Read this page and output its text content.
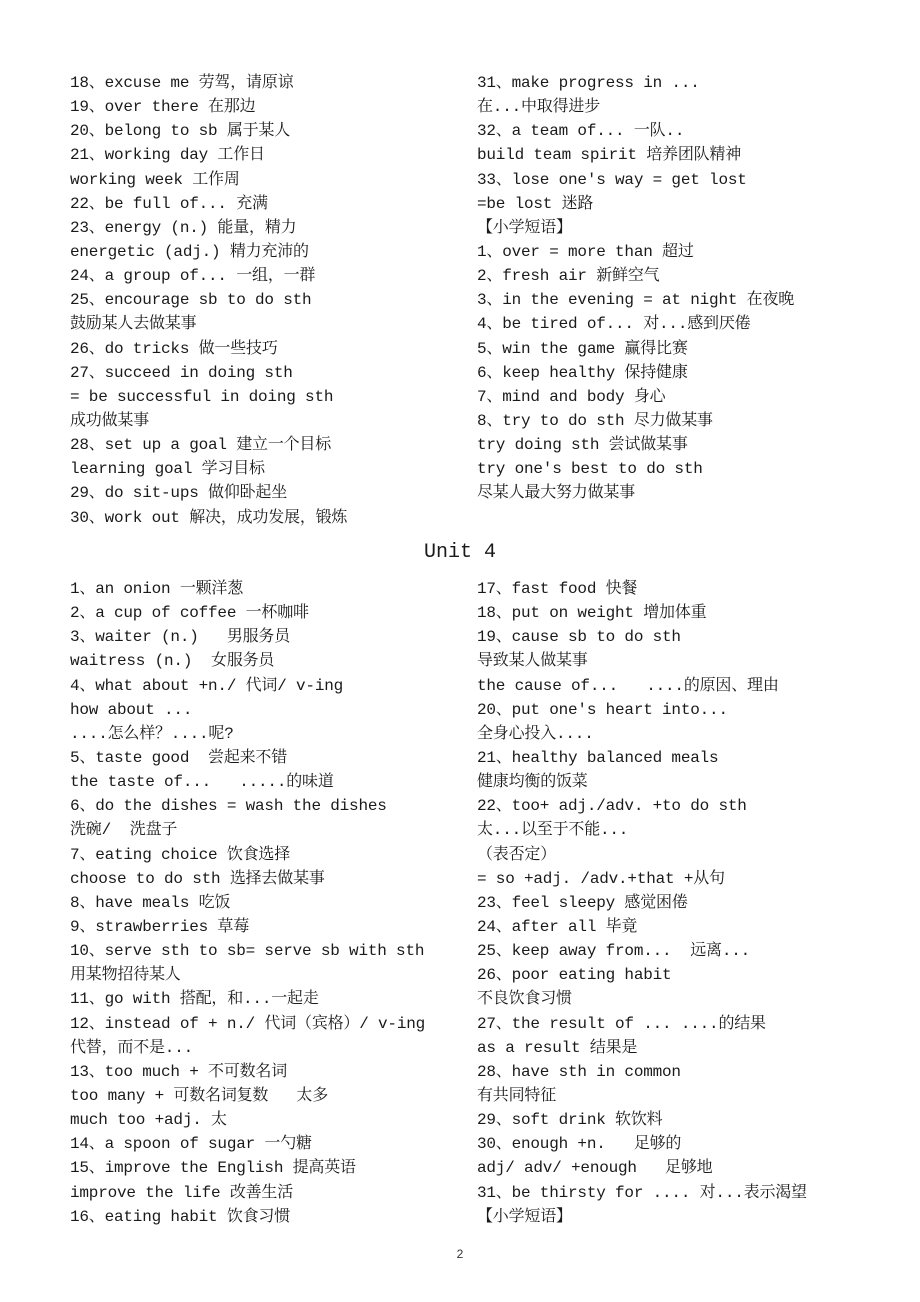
18、excuse me 劳驾，请原谅
19、over there 在那边
20、belong to sb 属于某人
21、working day 工作日
working week 工作周
22、be full of... 充满
23、energy (n.) 能量，精力
energetic (adj.) 精力充沛的
24、a group of... 一组，一群
25、encourage sb to do sth
鼓励某人去做某事
26、do tricks 做一些技巧
27、succeed in doing sth
= be successful in doing sth
成功做某事
28、set up a goal 建立一个目标
learning goal 学习目标
29、do sit-ups 做仰卧起坐
30、work out 解决，成功发展，锻炼
31、make progress in ...
在...中取得进步
32、a team of... 一队..
build team spirit 培养团队精神
33、lose one's way = get lost
=be lost 迷路
【小学短语】
1、over = more than 超过
2、fresh air 新鲜空气
3、in the evening = at night 在夜晚
4、be tired of... 对...感到厌倦
5、win the game 赢得比赛
6、keep healthy 保持健康
7、mind and body 身心
8、try to do sth 尽力做某事
try doing sth 尝试做某事
try one's best to do sth
尽某人最大努力做某事
Unit 4
1、an onion 一颗洋葱
2、a cup of coffee 一杯咖啡
3、waiter (n.)   男服务员
waitress (n.)  女服务员
4、what about +n./ 代词/ v-ing
how about ...
....怎么样？....呢?
5、taste good  尝起来不错
the taste of...   .....的味道
6、do the dishes = wash the dishes
洗碗/  洗盘子
7、eating choice 饮食选择
choose to do sth 选择去做某事
8、have meals 吃饭
9、strawberries 草莓
10、serve sth to sb= serve sb with sth
用某物招待某人
11、go with 搭配，和...一起走
12、instead of + n./ 代词（宾格）/ v-ing
代替，而不是...
13、too much + 不可数名词
too many + 可数名词复数   太多
much too +adj. 太
14、a spoon of sugar 一勺糖
15、improve the English 提高英语
improve the life 改善生活
16、eating habit 饮食习惯
17、fast food 快餐
18、put on weight 增加体重
19、cause sb to do sth
导致某人做某事
the cause of...   ....的原因、理由
20、put one's heart into...
全身心投入....
21、healthy balanced meals
健康均衡的饭菜
22、too+ adj./adv. +to do sth
太...以至于不能...
（表否定）
= so +adj. /adv.+that +从句
23、feel sleepy 感觉困倦
24、after all 毕竟
25、keep away from...  远离...
26、poor eating habit
不良饮食习惯
27、the result of ... ....的结果
as a result 结果是
28、have sth in common
有共同特征
29、soft drink 软饮料
30、enough +n.   足够的
adj/ adv/ +enough   足够地
31、be thirsty for .... 对...表示渴望
【小学短语】
2
